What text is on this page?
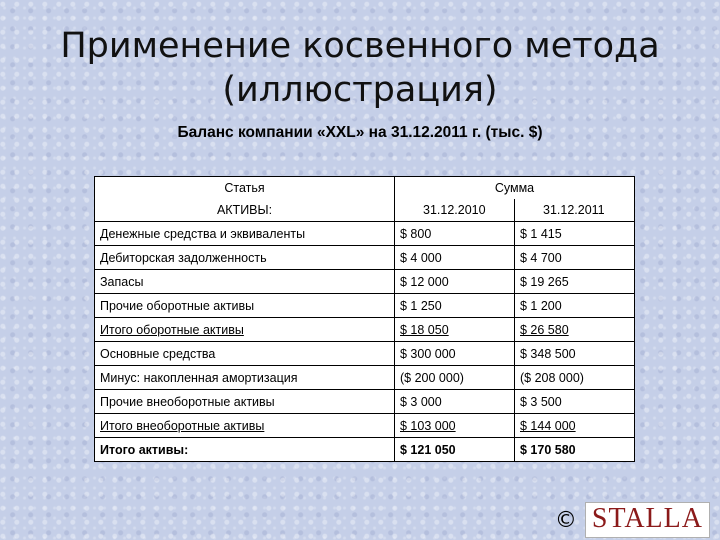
Применение косвенного метода
(иллюстрация)
Баланс компании «XXL» на 31.12.2011 г. (тыс. $)
Статья	Сумма	
АКТИВЫ:	31.12.2010	31.12.2011
Денежные средства и эквиваленты	$ 800	$ 1 415
Дебиторская задолженность	$ 4 000	$ 4 700
Запасы	$ 12 000	$ 19 265
Прочие оборотные активы	$ 1 250	$ 1 200
Итого оборотные активы	$ 18 050	$ 26 580
Основные средства	$ 300 000	$ 348 500
Минус: накопленная амортизация	($ 200 000)	($ 208 000)
Прочие внеоборотные активы	$ 3 000	$ 3 500
Итого внеоборотные активы	$ 103 000	$ 144 000
Итого активы:	$ 121 050	$ 170 580
© STALLA
